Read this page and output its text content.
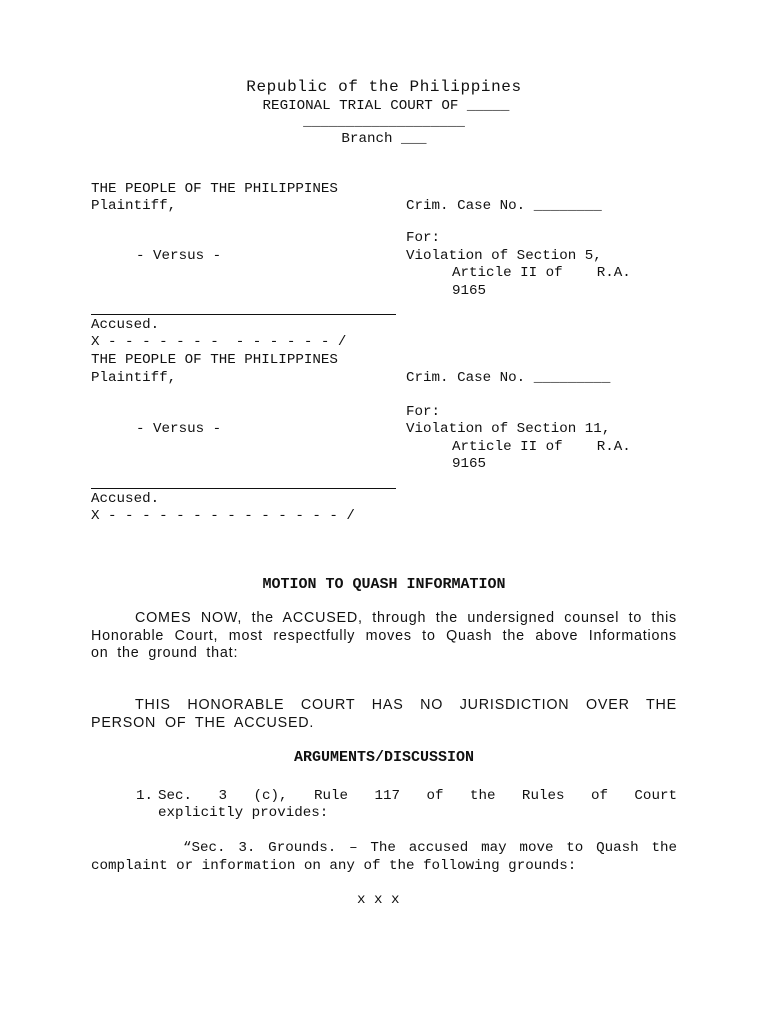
Republic of the Philippines
REGIONAL TRIAL COURT OF _____
___________________
Branch ___
THE PEOPLE OF THE PHILIPPINES
Plaintiff,	Crim. Case No. ________
For:
- Versus -	Violation of Section 5,
Article II of    R.A.
9165
Accused.
X - - - - - - -  - - - - - - /
THE PEOPLE OF THE PHILIPPINES
Plaintiff,	Crim. Case No. _________
For:
- Versus -	Violation of Section 11,
Article II of    R.A.
9165
Accused.
X - - - - - - - - - - - - - - /
MOTION TO QUASH INFORMATION
COMES NOW, the ACCUSED, through the undersigned counsel to this Honorable Court, most respectfully moves to Quash the above Informations on the ground that:
THIS HONORABLE COURT HAS NO JURISDICTION OVER THE PERSON OF THE ACCUSED.
ARGUMENTS/DISCUSSION
1. Sec. 3 (c), Rule 117 of the Rules of Court
explicitly provides:
“Sec. 3. Grounds. – The accused may move to Quash the complaint or information on any of the following grounds:
x x x
